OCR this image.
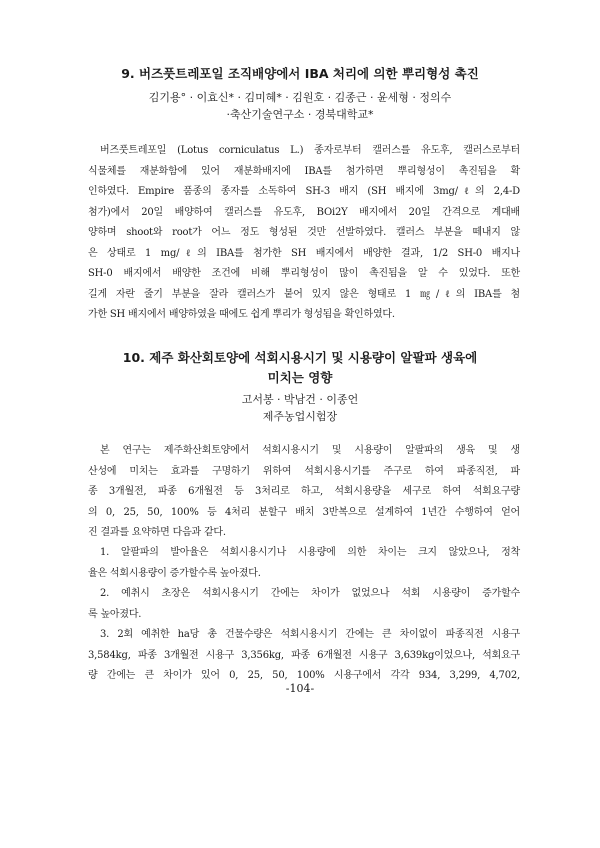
9. 버즈풋트레포일 조직배양에서 IBA 처리에 의한 뿌리형성 촉진
김기용° · 이효신* · 김미혜* · 김원호 · 김종근 · 윤세형 · 정의수
·축산기술연구소 · 경북대학교*
버즈풋트레포일 (Lotus corniculatus L.) 종자로부터 캘러스를 유도후, 캘러스로부터
식물체를 재분화함에 있어 재분화배지에 IBA를 첨가하면 뿌리형성이 촉진됨을 확
인하였다. Empire 품종의 종자를 소독하여 SH-3 배지 (SH 배지에 3mg/ℓ의 2,4-D
첨가)에서 20일 배양하여 캘러스를 유도후, BOi2Y 배지에서 20일 간격으로 계대배
양하며 shoot와 root가 어느 정도 형성된 것만 선발하였다. 캘러스 부분을 떼내지 않
은 상태로 1 mg/ℓ의 IBA를 첨가한 SH 배지에서 배양한 결과, 1/2 SH-0 배지나
SH-0 배지에서 배양한 조건에 비해 뿌리형성이 많이 촉진됨을 알 수 있었다. 또한
길게 자란 줄기 부분을 잘라 캘러스가 붙어 있지 않은 형태로 1 ㎎/ℓ의 IBA를 첨
가한 SH 배지에서 배양하였을 때에도 쉽게 뿌리가 형성됨을 확인하였다.
10. 제주 화산회토양에 석회시용시기 및 시용량이 알팔파 생육에
미치는 영향
고서봉 · 박남건 · 이종언
제주농업시험장
본 연구는 제주화산회토양에서 석회시용시기 및 시용량이 알팔파의 생육 및 생
산성에 미치는 효과를 구명하기 위하여 석회시용시기를 주구로 하여 파종직전, 파
종 3개월전, 파종 6개월전 등 3처리로 하고, 석회시용량을 세구로 하여 석회요구량
의 0, 25, 50, 100% 등 4처리 분할구 배치 3반복으로 설계하여 1년간 수행하여 얻어
진 결과를 요약하면 다음과 같다.
1. 알팔파의 발아율은 석회시용시기나 시용량에 의한 차이는 크지 않았으나, 정착
율은 석회시용량이 증가할수록 높아졌다.
2. 예취시 초장은 석회시용시기 간에는 차이가 없었으나 석회 시용량이 증가할수
록 높아졌다.
3. 2회 예취한 ha당 총 건물수량은 석회시용시기 간에는 큰 차이없이 파종직전 시용구
3,584kg, 파종 3개월전 시용구 3,356kg, 파종 6개월전 시용구 3,639kg이었으나, 석회요구
량 간에는 큰 차이가 있어 0, 25, 50, 100% 시용구에서 각각 934, 3,299, 4,702,
-104-
